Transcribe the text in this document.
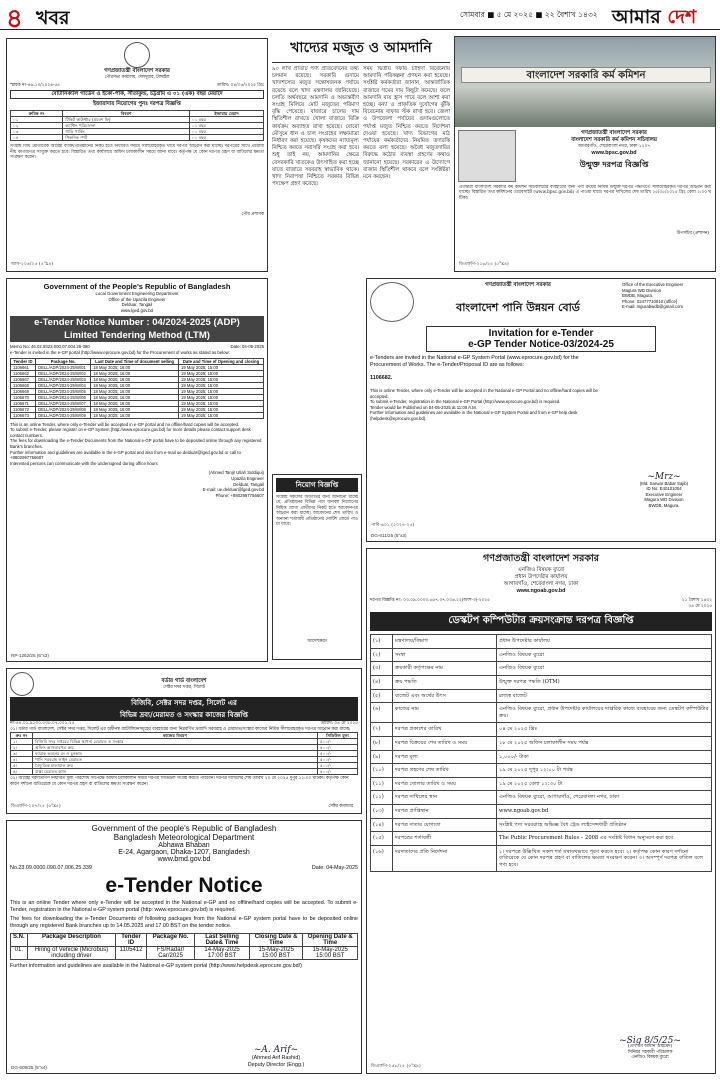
৪ খবর	সোমবার ■ ৫ মে ২০২৫ ■ ২২ বৈশাখ ১৪৩২ আমার দেশ
গণপ্রজাতন্ত্রী বাংলাদেশ সরকার
পৌরসভা কার্যালয়, দেলদুয়ার, টাঙ্গাইল
স্মারক নং-৪৬.১০/২০২৪-৫৫	তারিখ: ০৪/০৫/২০২৫ খ্রিঃ
বোটানিক্যাল গার্ডেন ও ইকো-পার্ক, সীতাকুন্ড, চট্টগ্রাম এ ০১ (এক) বছর মেয়াদে
ইজারাদার নিয়োগের পুনঃ দরপত্র বিজ্ঞপ্তি
ক্রমিক নং	বিবরণ	ইজারার মেয়াদ
০১	টিকিট কাউন্টার (প্রবেশ ফি)	০১ বছর
০২	ক্যান্টিন পরিচালনা	০১ বছর
০৩	গাড়ি পার্কিং	০১ বছর
০৪	পিকনিক স্পট	০১ বছর
সংশ্লিষ্ট বিধি মোতাবেক আগ্রহী ব্যক্তি/প্রতিষ্ঠানের নিকট হতে নির্ধারিত ফরমে সীলমোহরকৃত খামে দরপত্র আহ্বান করা যাচ্ছে। দরপত্রের সাথে প্রয়োজনীয় কাগজপত্র সংযুক্ত করতে হবে। বিস্তারিত তথ্য কার্যালয়ে অফিস চলাকালীন সময়ে জানা যাবে। কর্তৃপক্ষ যে কোন দরপত্র গ্রহণ বা বাতিলের ক্ষমতা সংরক্ষণ করেন।
পৌর প্রশাসক
আস-২০৬/২৫ (৫"x৪)
খাদ্যের মজুত ও আমদানি
৯০ লাখ প্রতিটি পণ্য প্রতিবেদনের তথ্য চলমান রয়েছে। সরকারি গুদামে খাদ্যশস্যের মজুত সন্তোষজনক পর্যায়ে রয়েছে বলে খাদ্য মন্ত্রণালয় জানিয়েছে। চলতি অর্থবছরে আমদানি ও অভ্যন্তরীণ সংগ্রহ মিলিয়ে মোট মজুতের পরিমাণ বৃদ্ধি পেয়েছে। বাজারে চালের দাম স্থিতিশীল রাখতে খোলা বাজারে বিক্রি কার্যক্রম অব্যাহত রাখা হয়েছে। বোরো মৌসুমে ধান ও চাল সংগ্রহের লক্ষ্যমাত্রা নির্ধারণ করা হয়েছে। কৃষকদের ন্যায্যমূল্য নিশ্চিত করতে সরাসরি সংগ্রহ করা হবে। শুধু তাই নয়, আমদানির ক্ষেত্রে বেসরকারি খাতকেও উৎসাহিত করা হচ্ছে যাতে বাজারে সরবরাহ স্বাভাবিক থাকে। খাদ্য নিরাপত্তা নিশ্চিতে সরকার বিভিন্ন পদক্ষেপ গ্রহণ করেছে।
সময় দ্বিতীয় দফার চাহিদা বিবেচনায় আমদানি পরিকল্পনা প্রণয়ন করা হয়েছে। সংশ্লিষ্ট কর্মকর্তারা জানান, আন্তর্জাতিক বাজারে গমের দাম কিছুটা কমেছে। ফলে আমদানি ব্যয় হ্রাস পাবে বলে আশা করা হচ্ছে। বন্যা ও প্রাকৃতিক দুর্যোগের ঝুঁকি বিবেচনায় বাফার স্টক রাখা হবে। জেলা ও উপজেলা পর্যায়ের গুদামগুলোতে পর্যাপ্ত মজুত নিশ্চিত করতে নির্দেশনা দেওয়া হয়েছে। খাদ্য বিভাগের মাঠ পর্যায়ের কর্মকর্তাদের নিয়মিত তদারকি করতে বলা হয়েছে। অবৈধ মজুতদারির বিরুদ্ধে কঠোর ব্যবস্থা গ্রহণের কথাও জানানো হয়েছে। সরকারের এ উদ্যোগে বাজার স্থিতিশীল থাকবে বলে সংশ্লিষ্টরা মনে করছেন।
বাংলাদেশ সরকারি কর্ম কমিশন
গণপ্রজাতন্ত্রী বাংলাদেশ সরকার
বাংলাদেশ সরকারি কর্ম কমিশন সচিবালয়
আগারগাঁও, শেরেবাংলা নগর, ঢাকা-১২০৭
www.bpsc.gov.bd
উন্মুক্ত দরপত্র বিজ্ঞপ্তি
এতদ্বারা বাংলাদেশ সরকারি কর্ম কমিশন সচিবালয়ের ব্যবহারের জন্য পণ্য ক্রয়ের নিমিত্ত উন্মুক্ত দরপত্র পদ্ধতিতে সীলমোহরকৃত দরপত্র আহ্বান করা যাচ্ছে। বিস্তারিত তথ্য কমিশনের ওয়েবসাইট (www.bpsc.gov.bd) এ পাওয়া যাবে। দরপত্র দাখিলের শেষ তারিখ ২৫/০৫/২০২৫ খ্রিঃ বেলা ২:০০ ঘটিকা।
উপসচিব (প্রশাসন)
ডিএফপি-২১৬/২৫ (৫"x৪)
Government of the People's Republic of Bangladesh
Local Government Engineering Department
Office of the Upazila Engineer
Delduar, Tangail
www.lged.gov.bd
e-Tender Notice Number : 04/2024-2025 (ADP)
Limited Tendering Method (LTM)
Memo No: 46.02.9323.000.07.004.25-380	Date: 04-05-2025
e-Tender is invited in the e-GP portal (http://www.eprocure.gov.bd) for the Procurement of works as stated as below:
Tender ID	Package No.	Last Date and Time of document selling	Date and Time of Opening and closing
1106661	DELL/ADP/2024-25/W/01	18 May 2025; 16:00	19 May 2025; 15:00
1106662	DELL/ADP/2024-25/W/02	18 May 2025; 16:00	19 May 2025; 15:00
1106667	DELL/ADP/2024-25/W/03	18 May 2025; 16:00	19 May 2025; 15:00
1106668	DELL/ADP/2024-25/W/04	18 May 2025; 16:00	19 May 2025; 15:00
1106669	DELL/ADP/2024-25/W/05	18 May 2025; 16:00	19 May 2025; 15:00
1106670	DELL/ADP/2024-25/W/06	18 May 2025; 16:00	19 May 2025; 15:00
1106671	DELL/ADP/2024-25/W/07	18 May 2025; 16:00	19 May 2025; 15:00
1106672	DELL/ADP/2024-25/W/08	18 May 2025; 16:00	19 May 2025; 15:00
1106673	DELL/ADP/2024-25/W/09	18 May 2025; 16:00	19 May 2025; 15:00
This is an online Tender, where only e-Tender will be accepted in e-GP portal and no offline/hard copies will be accepted.
To submit e-Tender, please register on e-GP System (http://www.eprocure.gov.bd) for more details please contact support desk contact numbers.
The fees for downloading the e-Tender Documents from the National e-GP portal have to be deposited online through any registered Bank's branches.
Further information and guidelines are available in the e-GP portal and also from e-mail ue.delduar@lged.gov.bd or call to +8802997756607
Interested persons can communicate with the undersigned during office hours
(Ahmed Tanjir Ullah Siddiqui)
Upazila Engineer
Delduar, Tangail
E-mail: ue.delduar@lged.gov.bd
Phone: +8802997756607
RP-1262/25 (6"x3)
নিয়োগ বিজ্ঞপ্তি
সংশ্লিষ্ট সকলের অবগতির জন্য জানানো যাচ্ছে যে, প্রতিষ্ঠানের বিভিন্ন পদে জনবল নিয়োগের নিমিত্ত যোগ্য প্রার্থীদের নিকট হতে আবেদনপত্র আহ্বান করা যাচ্ছে। আবেদনের শেষ তারিখ ও অন্যান্য শর্তাবলী প্রতিষ্ঠানের নোটিশ বোর্ডে পাওয়া যাবে।
আদেশক্রমে
গণপ্রজাতন্ত্রী বাংলাদেশ সরকার
বাংলাদেশ পানি উন্নয়ন বোর্ড
Office of the Executive Engineer
Magura WD Division
BWDB, Magura.
Phone: 02477710010 (office)
E-mail: mgurabwdb@gmail.com
Invitation for e-Tender
e-GP Tender Notice-03/2024-25
e-Tenders are invited in the National e-GP System Portal (www.eprocure.gov.bd) for the Procurement of Works. The e-Tender/Proposal ID are as follows:
1106682.
This is online Tender, where only e-Tender will be accepted in the National e-GP Portal and no offline/hard copies will be accepted.
To submit e-Tender, registration in the National e-GP Portal (http://www.eprocure.gov.bd) is required.
Tender would be Published on 04-05-2025 at 11:00 A.M.
Further information and guidelines are available in the National e-GP System Portal and from e-GP help desk (helpdesk@eprocure.gov.bd).
~Mrz~
(Md. Sarwar Babar Sajib)
ID No: E40101004
Executive Engineer
Magura WD Division
BWDB, Magura.
পাবি-৬০১ (২০২৪-২৫)
DG-611/25 (5"x3)
বর্ডার গার্ড বাংলাদেশ
সেক্টর সদর দপ্তর, সিলেট
বিজিবি, সেক্টর সদর দপ্তর, সিলেট এর
বিভিন্ন দ্রব্য/মেরামত ও সংস্কার কাজের বিজ্ঞপ্তি
নং-৪৪.০১.৯১০০.০৩৮.০৭.০০১.২৫	তারিখ: ০৪ মে ২০২৫
০১। বর্ডার গার্ড বাংলাদেশ, সেক্টর সদর দপ্তর, সিলেট এর অধীনস্থ ব্যাটালিয়নসমূহের ব্যবহারের জন্য নিম্নবর্ণিত দ্রব্যাদি সরবরাহ ও মেরামত/সংস্কার কাজের নিমিত্ত সীলমোহরকৃত দরপত্র আহ্বান করা যাচ্ছে:
ক্রঃ নং	কাজের বিবরণ	সিডিউল মূল্য
১।	বিজিবি সদর দপ্তরের বিভিন্ন স্থাপনা মেরামত ও সংস্কার	৫০০/-
২।	অফিস আসবাবপত্র ক্রয়	৫০০/-
৩।	ব্যারাক ভবনের রং ও চুনকাম	৫০০/-
৪।	পানি সরবরাহ লাইন মেরামত	৫০০/-
৫।	বৈদ্যুতিক মালামাল ক্রয়	৫০০/-
৬।	রাস্তা মেরামত কাজ	৫০০/-
০২। আগ্রহী দরদাতাগণ নির্ধারিত মূল্য পরিশোধ সাপেক্ষে অফিস চলাকালীন সময়ে দরপত্র সিডিউল সংগ্রহ করতে পারবেন। দরপত্র দাখিলের শেষ তারিখ ২০ মে ২০২৫ দুপুর ১২:০০ ঘটিকা। কর্তৃপক্ষ কোন কারণ দর্শানো ব্যতিরেকে যে কোন দরপত্র গ্রহণ বা বাতিলের ক্ষমতা সংরক্ষণ করেন।
সেক্টর কমান্ডার
ডিএফপি-২০৭/২৫ (৫"x৫)
গণপ্রজাতন্ত্রী বাংলাদেশ সরকার
এনজিও বিষয়ক ব্যুরো
প্রধান উপদেষ্টার কার্যালয়
আগারগাঁও, শেরেবাংলা নগর, ঢাকা
www.ngoab.gov.bd
দরপত্র বিজ্ঞপ্তি নং: ০৩.০৯.০০০০.৬৫৭.০৭.০৩৬.২২(অংশ-৩)-২০২৫	২১ বৈশাখ ১৪৩২
০৪ মে ২০২৫
ডেস্কটপ কম্পিউটার ক্রয়সংক্রান্ত দরপত্র বিজ্ঞপ্তি
(১)	মন্ত্রণালয়/বিভাগ	প্রধান উপদেষ্টার কার্যালয়
(২)	সংস্থা	এনজিও বিষয়ক ব্যুরো
(৩)	ক্রয়কারী কর্তৃপক্ষের নাম	এনজিও বিষয়ক ব্যুরো
(৪)	ক্রয় পদ্ধতি	উন্মুক্ত দরপত্র পদ্ধতি (OTM)
(৫)	বাজেট এবং অর্থের উৎস	রাজস্ব বাজেট
(৬)	কাজের নাম	এনজিও বিষয়ক ব্যুরো, প্রধান উপদেষ্টার কার্যালয়ের দাপ্তরিক কাজে ব্যবহারের জন্য ডেস্কটপ কম্পিউটার ক্রয়।
(৭)	দরপত্র প্রকাশের তারিখ	০৪ মে ২০২৫ খ্রিঃ
(৮)	দরপত্র বিক্রয়ের শেষ তারিখ ও সময়	১৮ মে ২০২৫ অফিস চলাকালীন সময় পর্যন্ত
(৯)	দরপত্র মূল্য	১,০০০/- টাকা
(১০)	দরপত্র গ্রহণের শেষ তারিখ	১৯ মে ২০২৫ দুপুর ১২:০০ টা পর্যন্ত
(১১)	দরপত্র খোলার তারিখ ও সময়	১৯ মে ২০২৫ বেলা ১২:৩০ টা
(১২)	দরপত্র দাখিলের স্থান	এনজিও বিষয়ক ব্যুরো, আগারগাঁও, শেরেবাংলা নগর, ঢাকা
(১৩)	দরপত্র প্রাপ্তিস্থান	www.ngoab.gov.bd
(১৪)	দরপত্র দাতার যোগ্যতা	সংশ্লিষ্ট পণ্য সরবরাহে অভিজ্ঞ বৈধ ট্রেড লাইসেন্সধারী প্রতিষ্ঠান
(১৫)	দরপত্রের শর্তাবলী	The Public Procurement Rules – 2008 এর সংশ্লিষ্ট বিধান অনুসরণ করা হবে
(১৬)	দরদাতাদের প্রতি নির্দেশনা	১। দরপত্রে উল্লিখিত সকল শর্ত যথাযথভাবে পূরণ করতে হবে। ২। কর্তৃপক্ষ কোন কারণ দর্শানো ব্যতিরেকে যে কোন দরপত্র গ্রহণ বা বাতিলের ক্ষমতা সংরক্ষণ করেন। ৩। অসম্পূর্ণ দরপত্র বাতিল বলে গণ্য হবে।
~Sig 8/5/25~
(এস এম আমান আহমেদ)
সিনিয়র সহকারী পরিচালক
এনজিও বিষয়ক ব্যুরো
ডিএফপি-২৫৮/২৫ (৫"x৯)
Government of the people's Republic of Bangladesh
Bangladesh Meteorological Department
Abhawa Bhaban
E-24, Agargaon, Dhaka-1207, Bangladesh
www.bmd.gov.bd
No.23.09.0000.090.07.006.25.339	Date: 04-May-2025
e-Tender Notice
This is an online Tender where only e-Tender will be accepted in the National e-GP and no offline/hard copies will be accepted. To submit e-Tender, registration in the National e-GP system portal (http: www.eprocure.gov.bd) is required.
The fees for downloading the e-Tender Documents of following packages from the National e-GP system portal have to be deposited online through any registered Bank branches up to 14.05.2025 and 17.00 BST on the tender notice.
S.N.	Package Description	Tender ID	Package No.	Last Selling Date& Time	Closing Date & Time	Opening Date & Time
01.	Hiring of Vehicle (Microbus) including driver	1105412	FS/Radar/ Car/2025	14-May-2025 17:00 BST	15-May-2025 15:00 BST	15-May-2025 15:00 BST
Further information and guidelines are available in the National e-GP system portal (http://www.helpdesk.eprocure.gov.bd/)
~A. Arif~
(Ahmed Arif Rashid)
Deputy Director (Engg.)
DG-609/25 (5"x4)
